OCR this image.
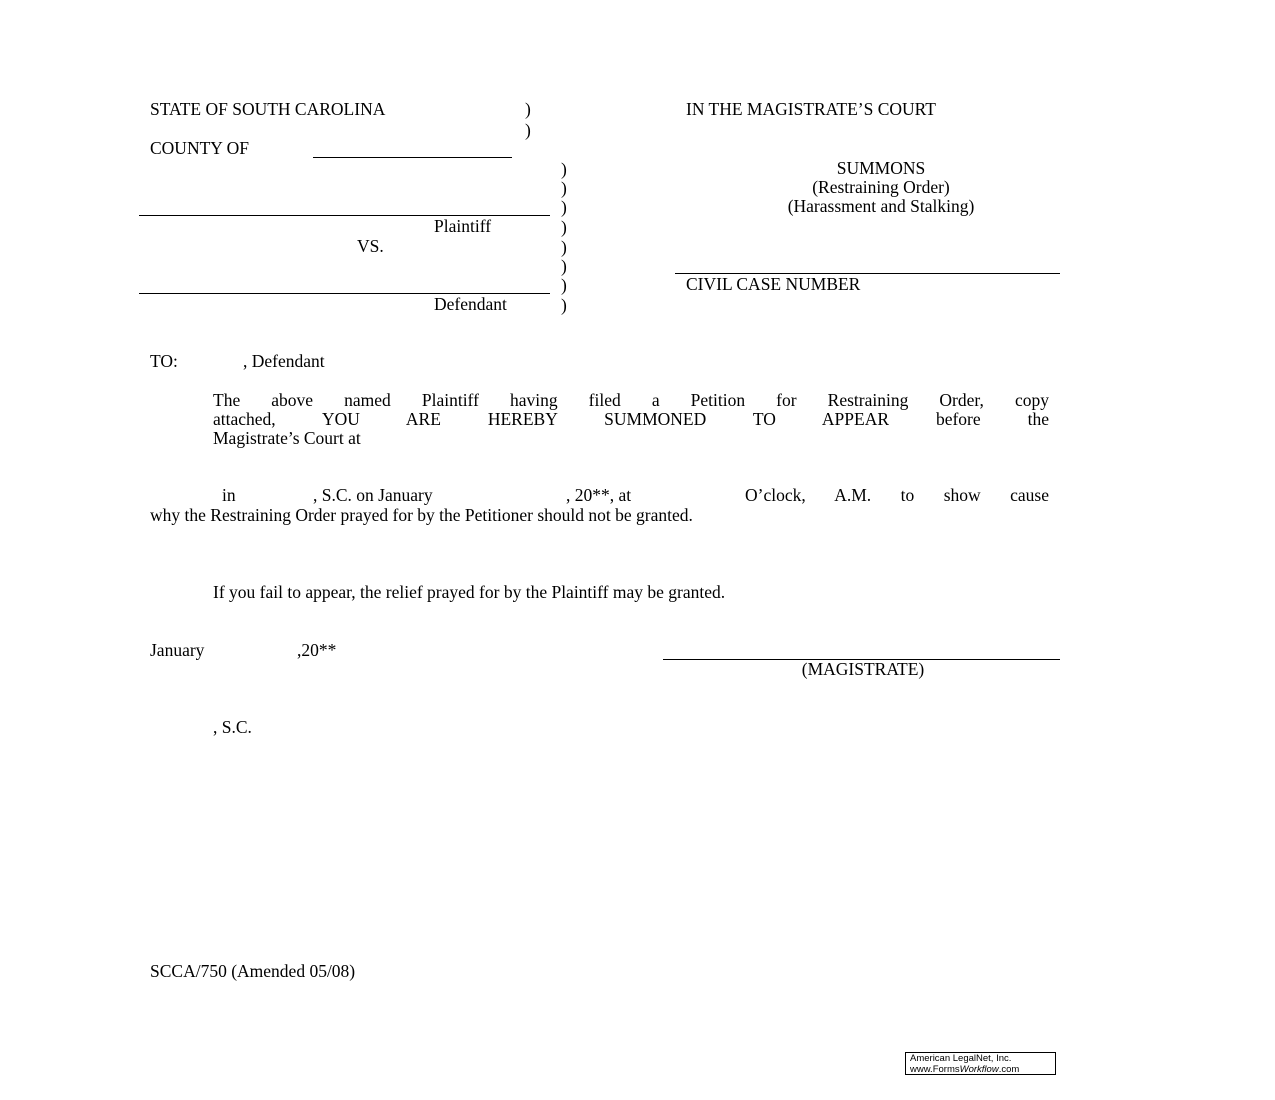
STATE OF SOUTH CAROLINA	)
)
COUNTY OF
)
)
)
Plaintiff	)
VS.	)
)
)
Defendant	)
IN THE MAGISTRATE’S COURT
SUMMONS
(Restraining Order)
(Harassment and Stalking)
CIVIL CASE NUMBER
TO:	, Defendant
The above named Plaintiff having filed a Petition for Restraining Order, copy
attached, YOU ARE HEREBY SUMMONED TO APPEAR before the
Magistrate’s Court at
in	, S.C. on January	, 20**, at	O’clock, A.M. to show cause
why the Restraining Order prayed for by the Petitioner should not be granted.
If you fail to appear, the relief prayed for by the Plaintiff may be granted.
January	,20**
(MAGISTRATE)
, S.C.
SCCA/750 (Amended 05/08)
American LegalNet, Inc.
www.FormsWorkflow.com
